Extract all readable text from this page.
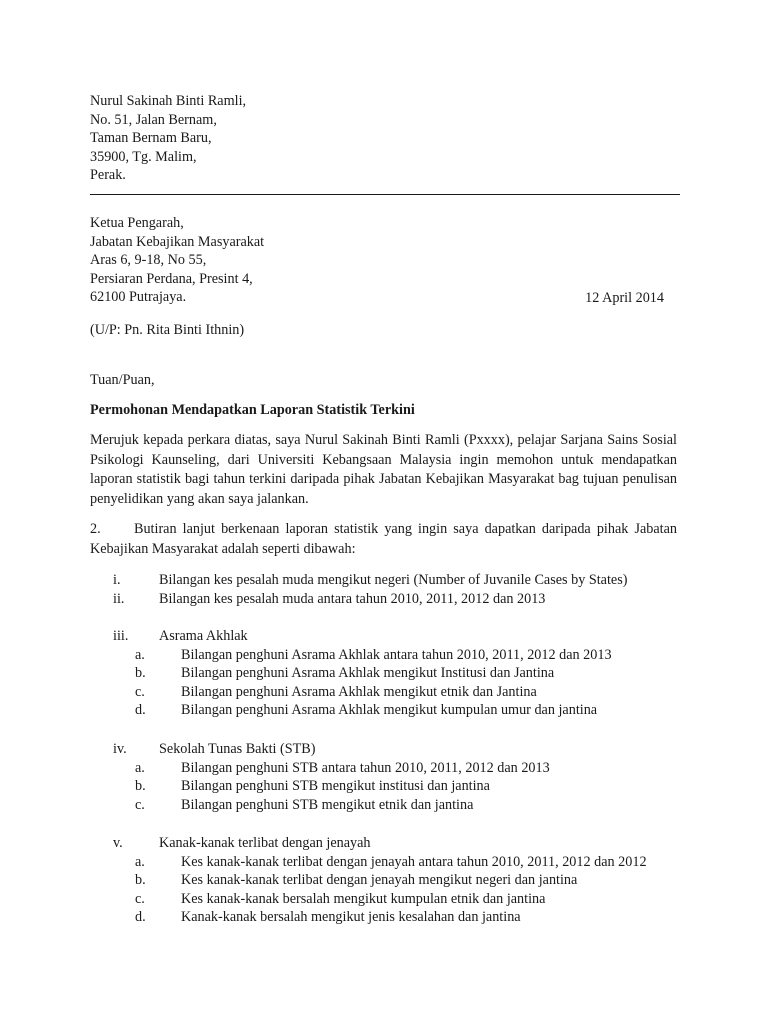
Nurul Sakinah Binti Ramli,
No. 51, Jalan Bernam,
Taman Bernam Baru,
35900, Tg. Malim,
Perak.
Ketua Pengarah,
Jabatan Kebajikan Masyarakat
Aras 6, 9-18, No 55,
Persiaran Perdana, Presint 4,
62100 Putrajaya.	12 April 2014
(U/P: Pn. Rita Binti Ithnin)
Tuan/Puan,
Permohonan Mendapatkan Laporan Statistik Terkini
Merujuk kepada perkara diatas, saya Nurul Sakinah Binti Ramli (Pxxxx), pelajar Sarjana Sains Sosial Psikologi Kaunseling, dari Universiti Kebangsaan Malaysia ingin memohon untuk mendapatkan laporan statistik bagi tahun terkini daripada pihak Jabatan Kebajikan Masyarakat bag tujuan penulisan penyelidikan yang akan saya jalankan.
2. Butiran lanjut berkenaan laporan statistik yang ingin saya dapatkan daripada pihak Jabatan Kebajikan Masyarakat adalah seperti dibawah:
i.	Bilangan kes pesalah muda mengikut negeri (Number of Juvanile Cases by States)
ii. Bilangan kes pesalah muda antara tahun 2010, 2011, 2012 dan 2013
iii. Asrama Akhlak
a.	Bilangan penghuni Asrama Akhlak antara tahun 2010, 2011, 2012 dan 2013
b. Bilangan penghuni Asrama Akhlak mengikut Institusi dan Jantina
c.	Bilangan penghuni Asrama Akhlak mengikut etnik dan Jantina
d. Bilangan penghuni Asrama Akhlak mengikut kumpulan umur dan jantina
iv. Sekolah Tunas Bakti (STB)
a.	Bilangan penghuni STB antara tahun 2010, 2011, 2012 dan 2013
b. Bilangan penghuni STB mengikut institusi dan jantina
c.	Bilangan penghuni STB mengikut etnik dan jantina
v.	Kanak-kanak terlibat dengan jenayah
a.	Kes kanak-kanak terlibat dengan jenayah antara tahun 2010, 2011, 2012 dan 2012
b. Kes kanak-kanak terlibat dengan jenayah mengikut negeri dan jantina
c.	Kes kanak-kanak bersalah mengikut kumpulan etnik dan jantina
d. Kanak-kanak bersalah mengikut jenis kesalahan dan jantina
